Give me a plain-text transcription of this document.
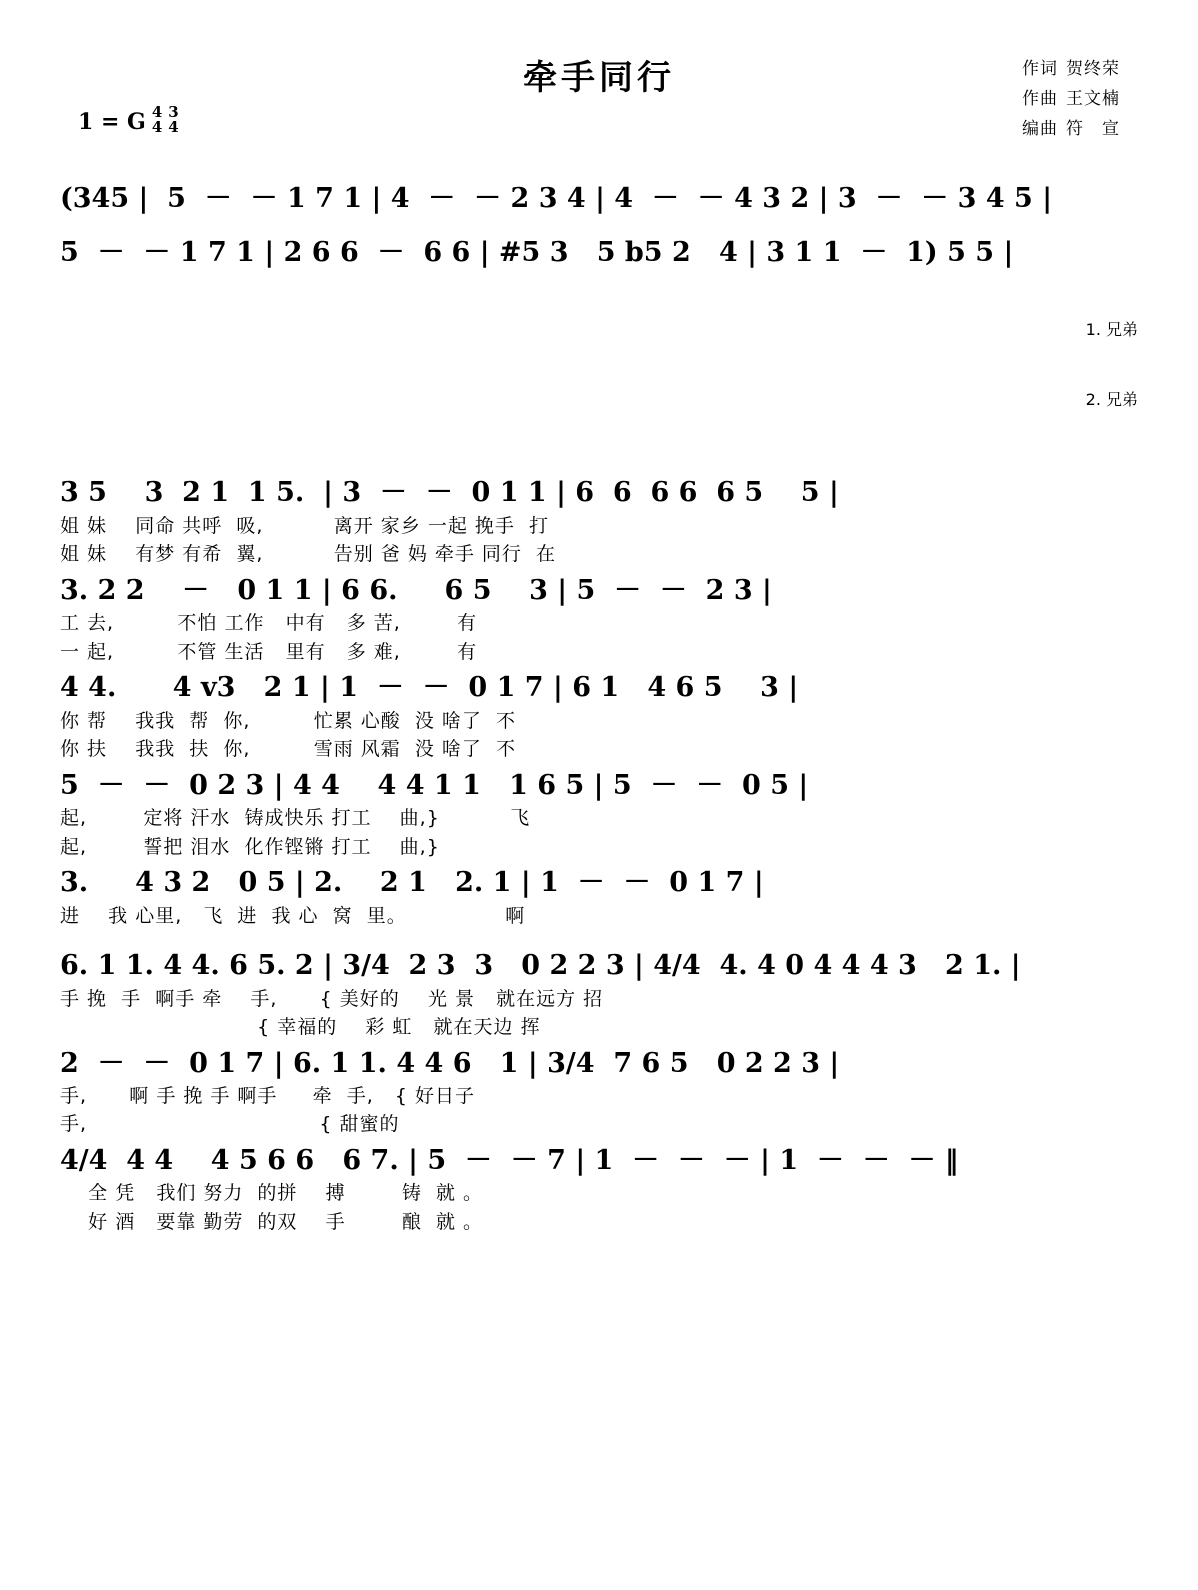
牵手同行	作词 贺终荣
作曲 王文楠
编曲 符　宣
1 = G 4
4
3
4
(345 |  5  －  － 1 7 1 | 4  －  － 2 3 4 | 4  －  － 4 3 2 | 3  －  － 3 4 5 |
5  －  － 1 7 1 | 2 6 6  －  6 6 | #5 3   5 b5 2   4 | 3 1 1  －  1) 5 5 |

1. 兄弟

2. 兄弟

3 5    3  2 1  1 5.  | 3  －  －  0 1 1 | 6  6  6 6  6 5    5 |
姐 妹    同命 共呼  吸,          离开 家乡 一起 挽手  打
姐 妹    有梦 有希  翼,          告别 爸 妈 牵手 同行  在
3. 2 2    －   0 1 1 | 6 6.     6 5    3 | 5  －  －  2 3 |
工 去,         不怕 工作   中有   多 苦,        有
一 起,         不管 生活   里有   多 难,        有
4 4.      4 v3   2 1 | 1  －  －  0 1 7 | 6 1   4 6 5    3 |
你 帮    我我  帮  你,         忙累 心酸  没 啥了  不
你 扶    我我  扶  你,         雪雨 风霜  没 啥了  不
5  －  －  0 2 3 | 4 4    4 4 1 1   1 6 5 | 5  －  －  0 5 |
起,        定将 汗水  铸成快乐 打工    曲,}          飞
起,        誓把 泪水  化作铿锵 打工    曲,}
3.     4 3 2   0 5 | 2.    2 1   2. 1 | 1  －  －  0 1 7 |
进    我 心里,   飞  进  我 心  窝  里。              啊
6. 1 1. 4 4. 6 5. 2 | 3/4  2 3  3   0 2 2 3 | 4/4  4. 4 0 4 4 4 3   2 1. |
手 挽  手  啊手 牵    手,      { 美好的    光 景   就在远方 招
{ 幸福的    彩 虹   就在天边 挥
2  －  －  0 1 7 | 6. 1 1. 4 4 6   1 | 3/4  7 6 5   0 2 2 3 |
手,      啊 手 挽 手 啊手     牵  手,   { 好日子
手,                                 { 甜蜜的
4/4  4 4    4 5 6 6   6 7. | 5  －  － 7 | 1  －  －  － | 1  －  －  － ‖
全 凭   我们 努力  的拼    搏        铸  就 。
好 酒   要靠 勤劳  的双    手        酿  就 。
